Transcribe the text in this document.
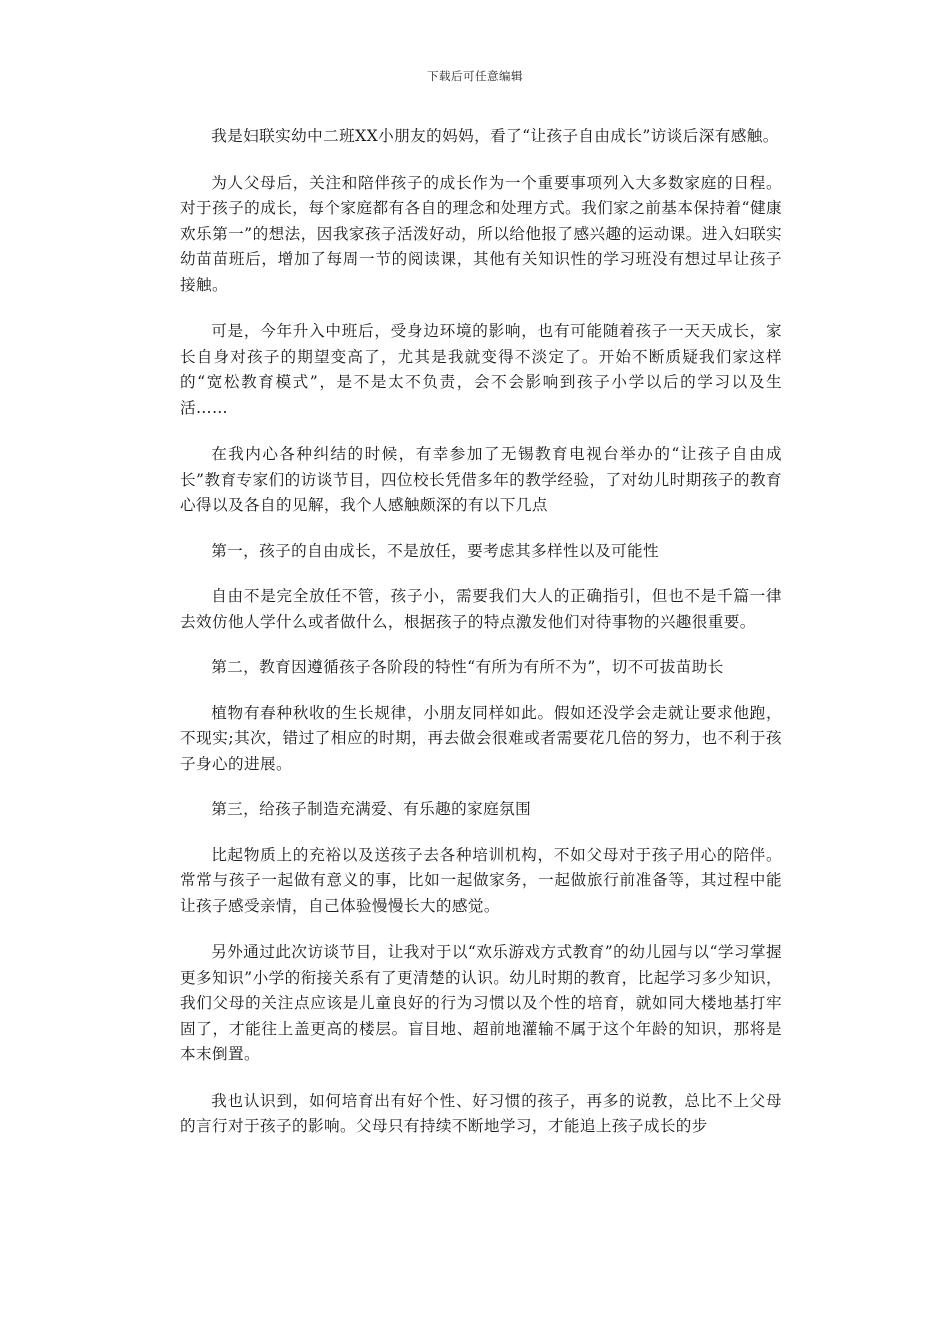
下载后可任意编辑

我是妇联实幼中二班XX小朋友的妈妈，看了“让孩子自由成长”访谈后深有感触。

为人父母后，关注和陪伴孩子的成长作为一个重要事项列入大多数家庭的日程。对于孩子的成长，每个家庭都有各自的理念和处理方式。我们家之前基本保持着“健康欢乐第一”的想法，因我家孩子活泼好动，所以给他报了感兴趣的运动课。进入妇联实幼苗苗班后，增加了每周一节的阅读课，其他有关知识性的学习班没有想过早让孩子接触。

可是，今年升入中班后，受身边环境的影响，也有可能随着孩子一天天成长，家长自身对孩子的期望变高了，尤其是我就变得不淡定了。开始不断质疑我们家这样的“宽松教育模式”，是不是太不负责，会不会影响到孩子小学以后的学习以及生活……

在我内心各种纠结的时候，有幸参加了无锡教育电视台举办的“让孩子自由成长”教育专家们的访谈节目，四位校长凭借多年的教学经验，了对幼儿时期孩子的教育心得以及各自的见解，我个人感触颇深的有以下几点

第一，孩子的自由成长，不是放任，要考虑其多样性以及可能性

自由不是完全放任不管，孩子小，需要我们大人的正确指引，但也不是千篇一律去效仿他人学什么或者做什么，根据孩子的特点激发他们对待事物的兴趣很重要。

第二，教育因遵循孩子各阶段的特性“有所为有所不为”，切不可拔苗助长

植物有春种秋收的生长规律，小朋友同样如此。假如还没学会走就让要求他跑，不现实;其次，错过了相应的时期，再去做会很难或者需要花几倍的努力，也不利于孩子身心的进展。

第三，给孩子制造充满爱、有乐趣的家庭氛围

比起物质上的充裕以及送孩子去各种培训机构，不如父母对于孩子用心的陪伴。常常与孩子一起做有意义的事，比如一起做家务，一起做旅行前准备等，其过程中能让孩子感受亲情，自己体验慢慢长大的感觉。

另外通过此次访谈节目，让我对于以“欢乐游戏方式教育”的幼儿园与以“学习掌握更多知识”小学的衔接关系有了更清楚的认识。幼儿时期的教育，比起学习多少知识，我们父母的关注点应该是儿童良好的行为习惯以及个性的培育，就如同大楼地基打牢固了，才能往上盖更高的楼层。盲目地、超前地灌输不属于这个年龄的知识，那将是本末倒置。

我也认识到，如何培育出有好个性、好习惯的孩子，再多的说教，总比不上父母的言行对于孩子的影响。父母只有持续不断地学习，才能追上孩子成长的步
